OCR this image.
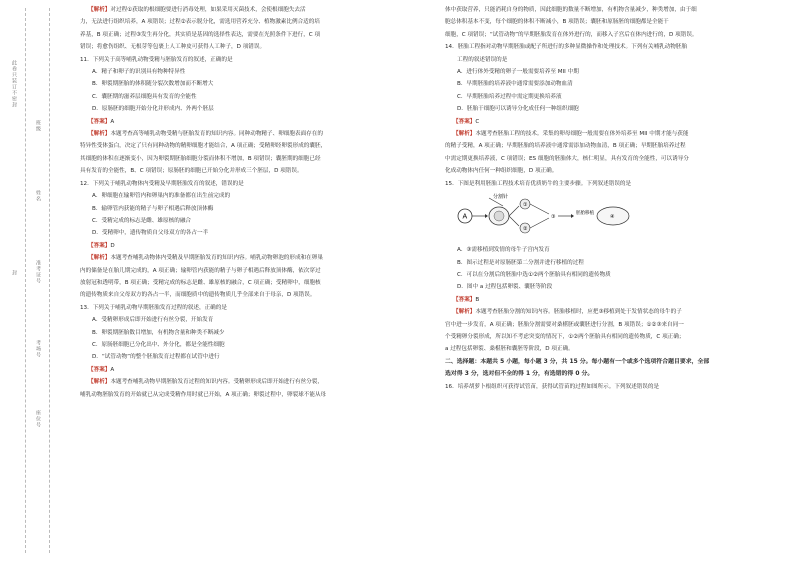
此卷只装订不密封
封
班级
姓名
准考证号
考场号
座位号
【解析】对过程①获取的根细胞要进行消毒处理，如果采用灭菌技术，会使根细胞失去活
力，无法进行组织培养，A 项错误；过程②表示脱分化，需选用营养充分、植物激素比例合适的培
养基，B 项正确；过程③发生再分化，其实质是基因的选择性表达，需要在光照条件下进行，C 项
错误；将愈伤组织、无根芽等包裹上人工种皮可获得人工种子，D 项错误。
11．下列关于高等哺乳动物受精与胚胎发育的叙述，正确的是
A．精子和卵子的识别具有物种特异性
B．卵裂期胚胎的体积随分裂次数增加而不断增大
C．囊胚期的滋养层细胞具有发育的全能性
D．原肠胚的细胞开始分化并形成内、外两个胚层
【答案】A
【解析】本题考查高等哺乳动物受精与胚胎发育的知识内容。同种动物精子、卵细胞表面存在的
特异性受体蛋白，决定了只有同种动物的精卵细胞才能结合，A 项正确；受精卵经卵裂形成的囊胚，
其细胞的体积在逐渐变小，因为卵裂期胚胎细胞分裂而体积不增加，B 项错误；囊胚期的细胞已经
具有发育的全能性，B、C 项错误；原肠胚的细胞已开始分化并形成三个胚层，D 项错误。
12．下列关于哺乳动物体内受精及早期胚胎发育的叙述，错误的是
A．卵细胞在输卵管内和卵巢内的准备都在出生前完成的
B．输卵管内获能的精子与卵子相遇后释放顶体酶
C．受精完成的标志是雌、雄原核的融合
D．受精卵中，遗传物质自父母双方的各占一半
【答案】D
【解析】本题考查哺乳动物体内受精及早期胚胎发育的知识内容。哺乳动物卵泡的形成和在卵巢
内的储备是在胎儿期完成的，A 项正确；输卵管内获能的精子与卵子相遇后释放顶体酶，依次穿过
放射冠和透明带，B 项正确；受精完成的标志是雌、雄原核的融合，C 项正确；受精卵中，细胞核
的遗传物质来自父母双方的各占一半，而细胞质中的遗传物质几乎全部来自于母亲，D 项错误。
13．下列关于哺乳动物早期胚胎发育过程的叙述，正确的是
A．受精卵形成后即开始进行有丝分裂，开始发育
B．卵裂期胚胎数目增加，有机物含量和种类不断减少
C．原肠胚细胞已分化出中、外分化，都是全能性细胞
D．“试管动物”的整个胚胎发育过程都在试管中进行
【答案】A
【解析】本题考查哺乳动物早期胚胎发育过程的知识内容。受精卵形成后即开始进行有丝分裂，
哺乳动物胚胎发育的开始就已从完成受精作用时就已开始，A 项正确；卵裂过程中，卵裂球不能从母
体中获取营养，只能消耗自身的物质，因此细胞的数量不断增加，有机物含量减少，种类增加，由于细
胞总体积基本不变，每个细胞的体积不断减小，B 项错误；囊胚和原肠胚的细胞都是全能干
细胞，C 项错误；“试管动物”的早期胚胎发育在体外进行的，而移入子宫后在体内进行的，D 项错误。
14．胚胎工程指对动物早期胚胎或配子所进行的多种显微操作和处理技术。下列有关哺乳动物胚胎
工程的叙述错误的是
A．进行体外受精的卵子一般需要培养至 MII 中期
B．早期胚胎的培养液中通常需要添加动物血清
C．早期胚胎培养过程中需定期更换培养液
D．胚胎干细胞可以诱导分化成任何一种组织细胞
【答案】C
【解析】本题考查胚胎工程的技术。采集的卵母细胞一般需要在体外培养至 MII 中期才能与获能
的精子受精，A 项正确；早期胚胎的培养液中通常需添加动物血清，B 项正确；早期胚胎培养过程
中需定期更换培养液，C 项错误；ES 细胞的胚胎体大，核仁明显，具有发育的全能性，可以诱导分
化成动物体内任何一种组织细胞，D 项正确。
15．下图是利用胚胎工程技术培育优质奶牛的主要步骤。下列叙述错误的是
A
分割针
①
②
③
胚胎移植
④
A．③需移植到发情的母牛子宫内发育
B．图示过程是对原肠胚第二分割并进行移植的过程
C．可以在分割后的胚胎中选①②两个胚胎具有相同的遗传物质
D．图中 a 过程包括卵裂、囊胚等阶段
【答案】B
【解析】本题考查胚胎分割的知识内容。胚胎移植时，应把③移植到处于发情状态的母牛的子
宫中进一步发育，A 项正确；胚胎分割需要对桑椹胚或囊胚进行分割，B 项错误；①②③来自同一
个受精卵分裂形成，所以知不考虑突变的情况下，①②两个胚胎具有相同的遗传物质，C 项正确；
a 过程包括卵裂、桑椹胚和囊胚等阶段，D 项正确。
二、选择题：本题共 5 小题，每小题 3 分，共 15 分。每小题有一个或多个选项符合题目要求，全部
选对得 3 分，选对但不全的得 1 分，有选错的得 0 分。
16．培养胡萝卜根组织可获得试管苗，获得试管苗的过程如图所示。下列叙述错误的是
